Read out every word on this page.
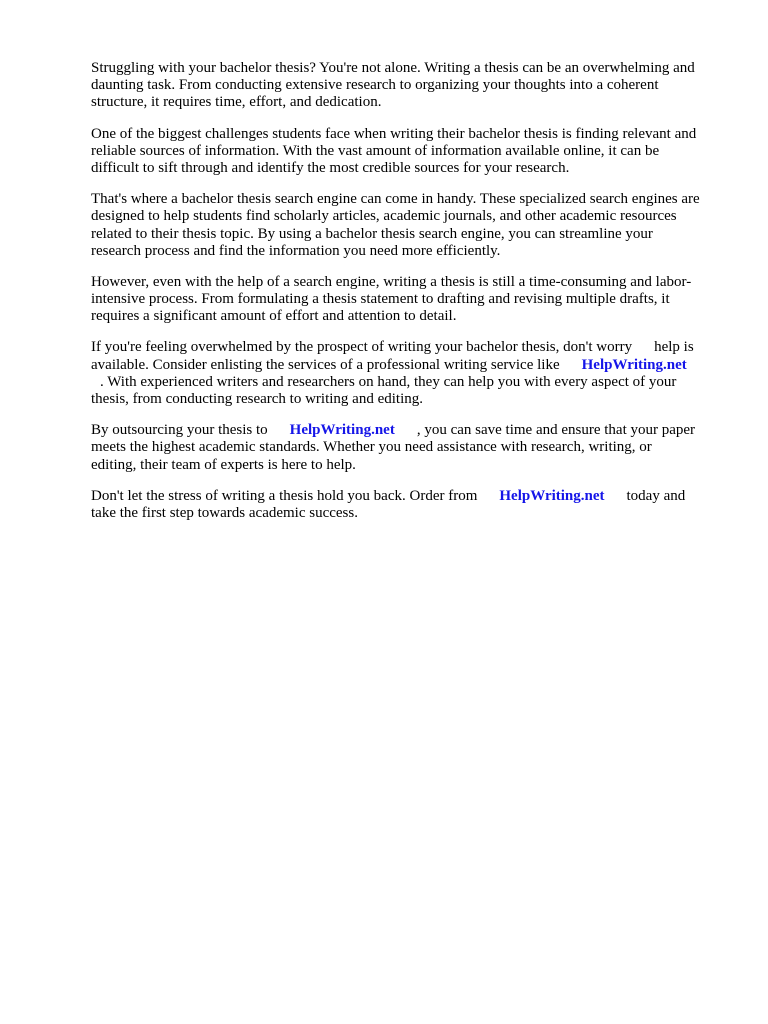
Struggling with your bachelor thesis? You're not alone. Writing a thesis can be an overwhelming and
daunting task. From conducting extensive research to organizing your thoughts into a coherent
structure, it requires time, effort, and dedication.

One of the biggest challenges students face when writing their bachelor thesis is finding relevant and
reliable sources of information. With the vast amount of information available online, it can be
difficult to sift through and identify the most credible sources for your research.

That's where a bachelor thesis search engine can come in handy. These specialized search engines are
designed to help students find scholarly articles, academic journals, and other academic resources
related to their thesis topic. By using a bachelor thesis search engine, you can streamline your
research process and find the information you need more efficiently.

However, even with the help of a search engine, writing a thesis is still a time-consuming and labor-
intensive process. From formulating a thesis statement to drafting and revising multiple drafts, it
requires a significant amount of effort and attention to detail.

If you're feeling overwhelmed by the prospect of writing your bachelor thesis, don't worry help is
available. Consider enlisting the services of a professional writing service like HelpWriting.net
. With experienced writers and researchers on hand, they can help you with every aspect of your
thesis, from conducting research to writing and editing.

By outsourcing your thesis to HelpWriting.net , you can save time and ensure that your paper
meets the highest academic standards. Whether you need assistance with research, writing, or
editing, their team of experts is here to help.

Don't let the stress of writing a thesis hold you back. Order from HelpWriting.net today and
take the first step towards academic success.
